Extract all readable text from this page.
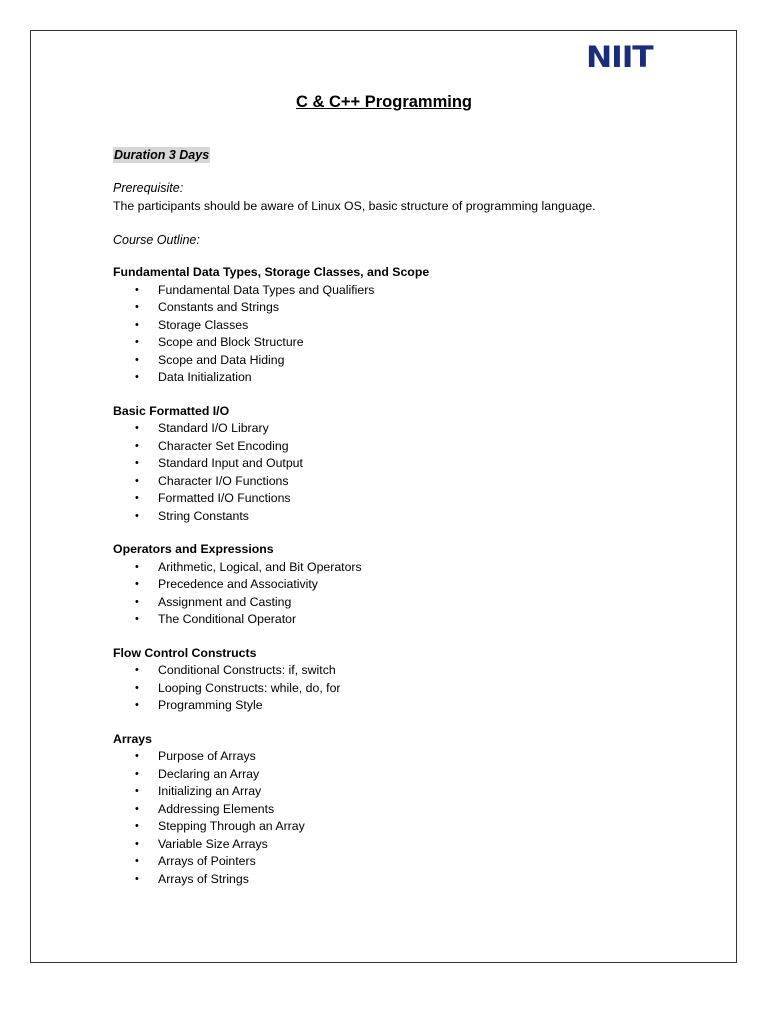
NIIT
C & C++ Programming
Duration 3 Days
Prerequisite:
The participants should be aware of Linux OS, basic structure of programming language.
Course Outline:
Fundamental Data Types, Storage Classes, and Scope
• Fundamental Data Types and Qualifiers
• Constants and Strings
• Storage Classes
• Scope and Block Structure
• Scope and Data Hiding
• Data Initialization
Basic Formatted I/O
• Standard I/O Library
• Character Set Encoding
• Standard Input and Output
• Character I/O Functions
• Formatted I/O Functions
• String Constants
Operators and Expressions
• Arithmetic, Logical, and Bit Operators
• Precedence and Associativity
• Assignment and Casting
• The Conditional Operator
Flow Control Constructs
• Conditional Constructs: if, switch
• Looping Constructs: while, do, for
• Programming Style
Arrays
• Purpose of Arrays
• Declaring an Array
• Initializing an Array
• Addressing Elements
• Stepping Through an Array
• Variable Size Arrays
• Arrays of Pointers
• Arrays of Strings
